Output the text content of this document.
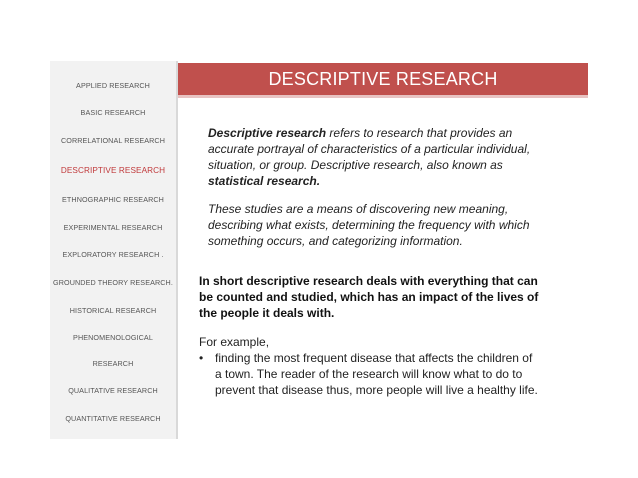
APPLIED RESEARCH
BASIC RESEARCH
CORRELATIONAL RESEARCH
DESCRIPTIVE RESEARCH
ETHNOGRAPHIC RESEARCH
EXPERIMENTAL RESEARCH
EXPLORATORY RESEARCH .
GROUNDED THEORY RESEARCH.
HISTORICAL RESEARCH
PHENOMENOLOGICAL
RESEARCH
QUALITATIVE RESEARCH
QUANTITATIVE RESEARCH
DESCRIPTIVE RESEARCH
Descriptive research refers to research that provides an accurate portrayal of characteristics of a particular individual, situation, or group. Descriptive research, also known as statistical research.
These studies are a means of discovering new meaning, describing what exists, determining the frequency with which something occurs, and categorizing information.
In short descriptive research deals with everything that can be counted and studied, which has an impact of the lives of the people it deals with.
For example,
• finding the most frequent disease that affects the children of a town. The reader of the research will know what to do to prevent that disease thus, more people will live a healthy life.
